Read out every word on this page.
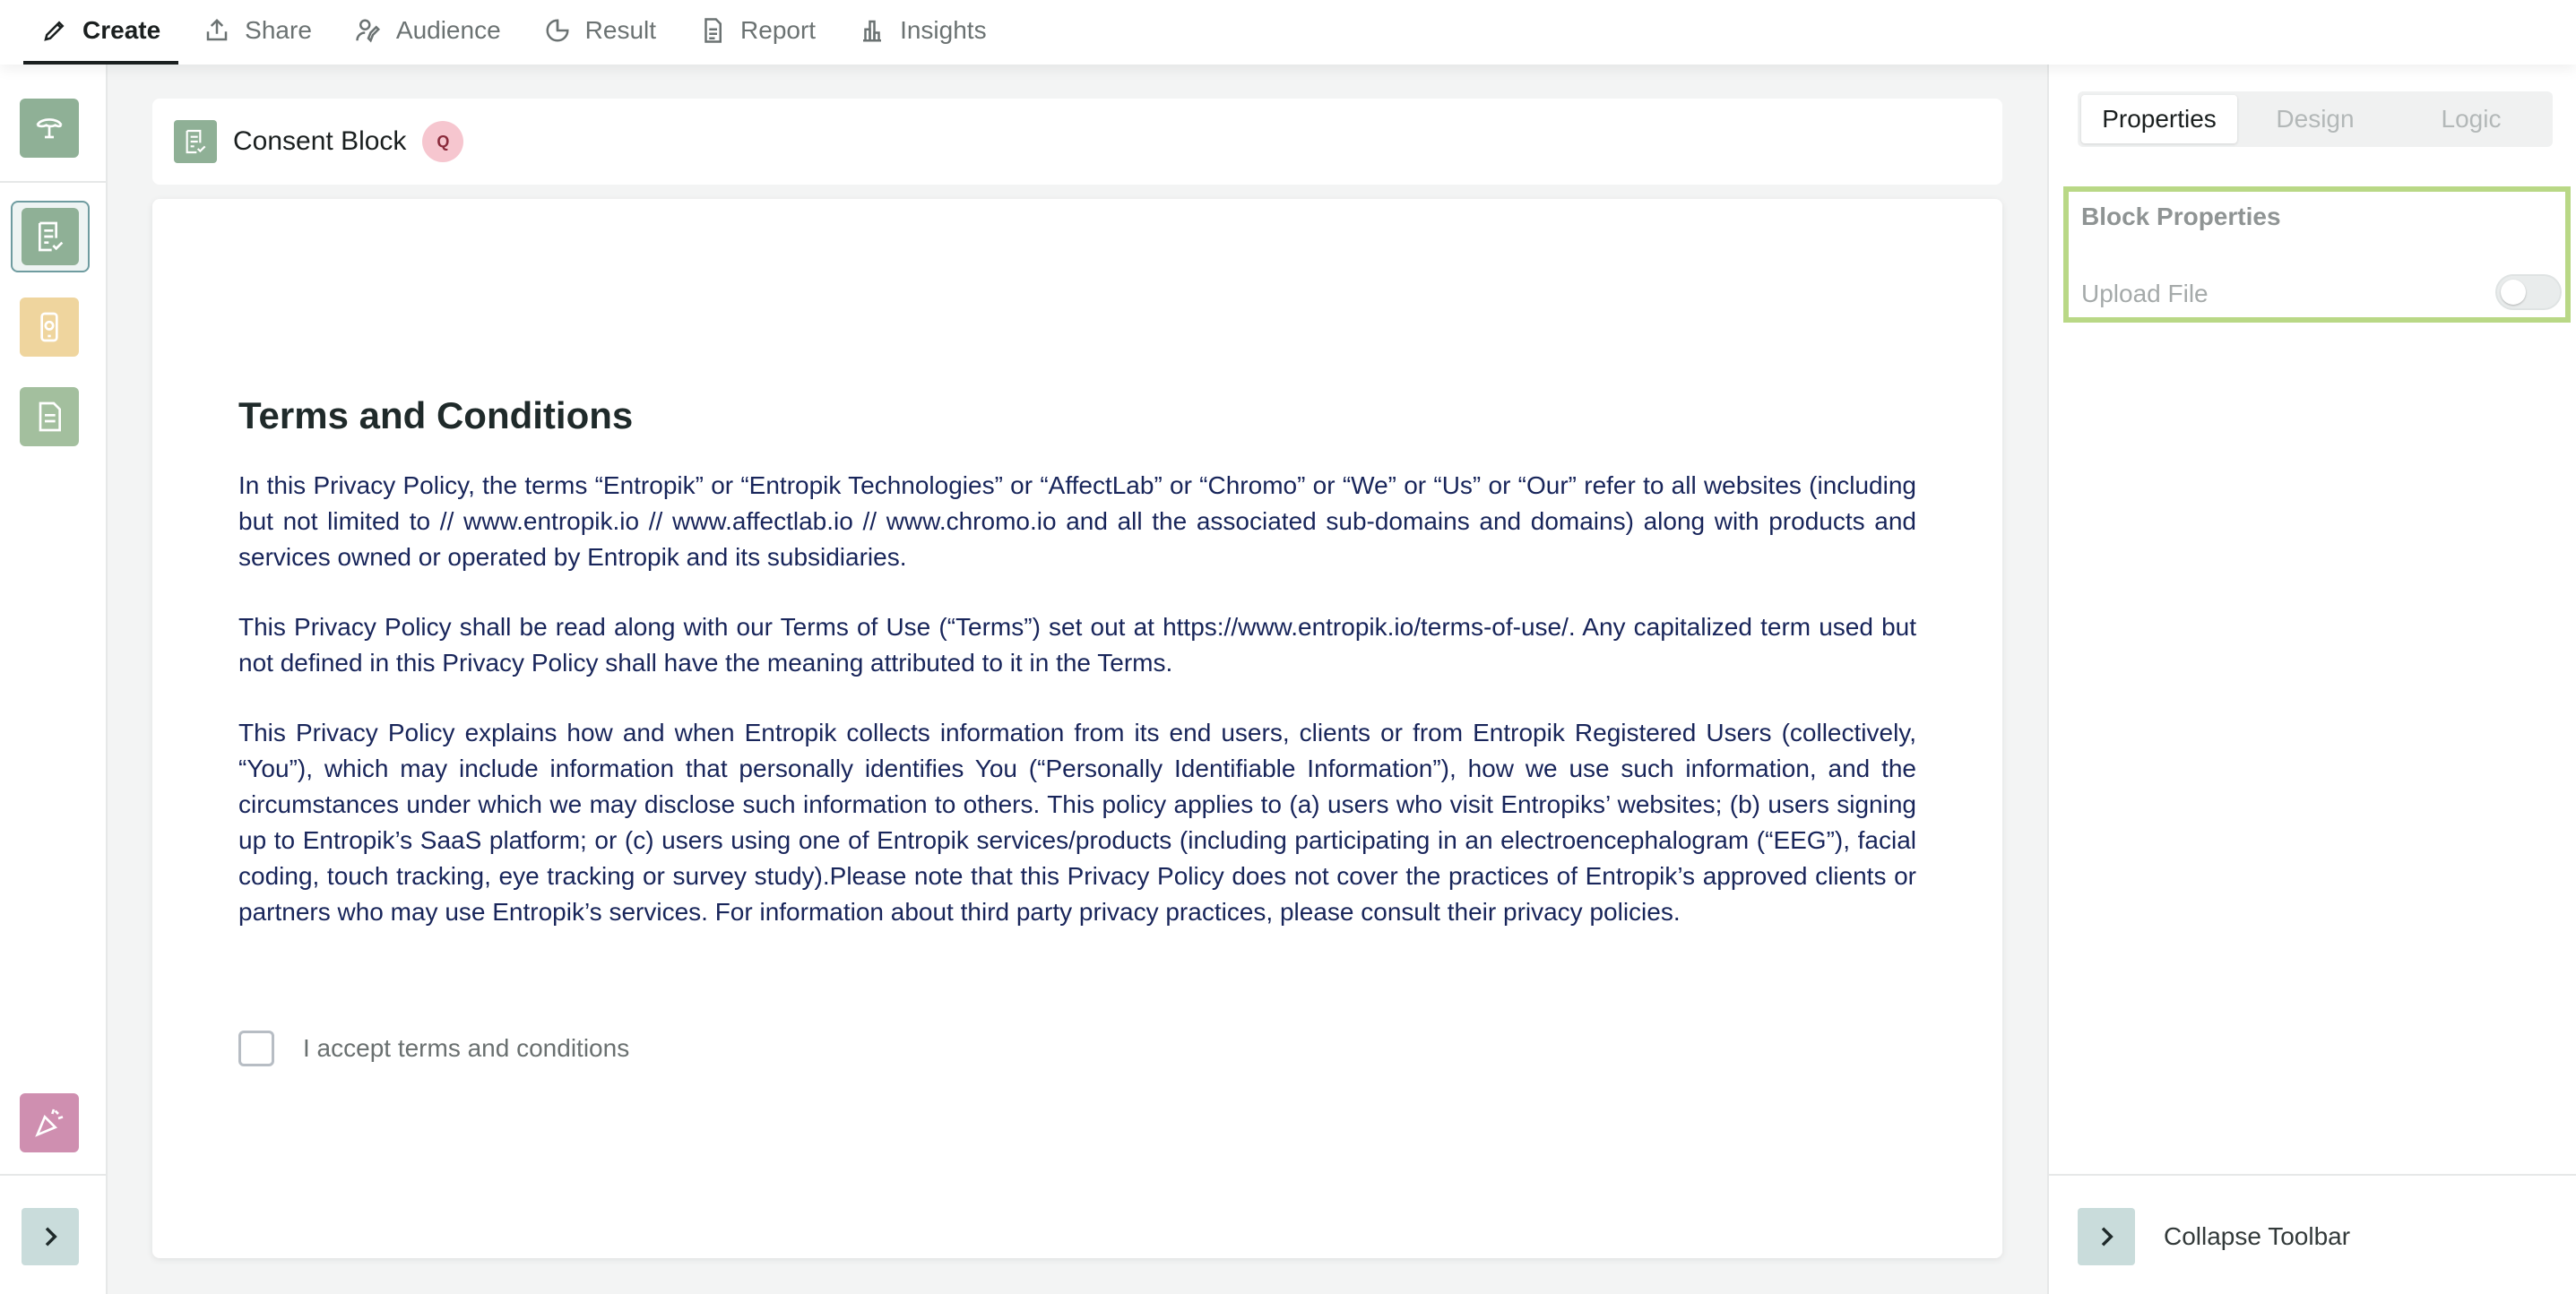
Create	Share	Audience	Result	Report	Insights
Consent Block	Q
Terms and Conditions

In this Privacy Policy, the terms “Entropik” or “Entropik Technologies” or “AffectLab” or “Chromo” or “We” or “Us” or “Our” refer to all websites (including but not limited to // www.entropik.io // www.affectlab.io // www.chromo.io and all the associated sub-domains and domains) along with products and services owned or operated by Entropik and its subsidiaries.

This Privacy Policy shall be read along with our Terms of Use (“Terms”) set out at https://www.entropik.io/terms-of-use/. Any capitalized term used but not defined in this Privacy Policy shall have the meaning attributed to it in the Terms.

This Privacy Policy explains how and when Entropik collects information from its end users, clients or from Entropik Registered Users (collectively, “You”), which may include information that personally identifies You (“Personally Identifiable Information”), how we use such information, and the circumstances under which we may disclose such information to others. This policy applies to (a) users who visit Entropiks’ websites; (b) users signing up to Entropik’s SaaS platform; or (c) users using one of Entropik services/products (including participating in an electroencephalogram (“EEG”), facial coding, touch tracking, eye tracking or survey study).Please note that this Privacy Policy does not cover the practices of Entropik’s approved clients or partners who may use Entropik’s services. For information about third party privacy practices, please consult their privacy policies.

I accept terms and conditions
Properties	Design	Logic
Block Properties
Upload File
Collapse Toolbar
